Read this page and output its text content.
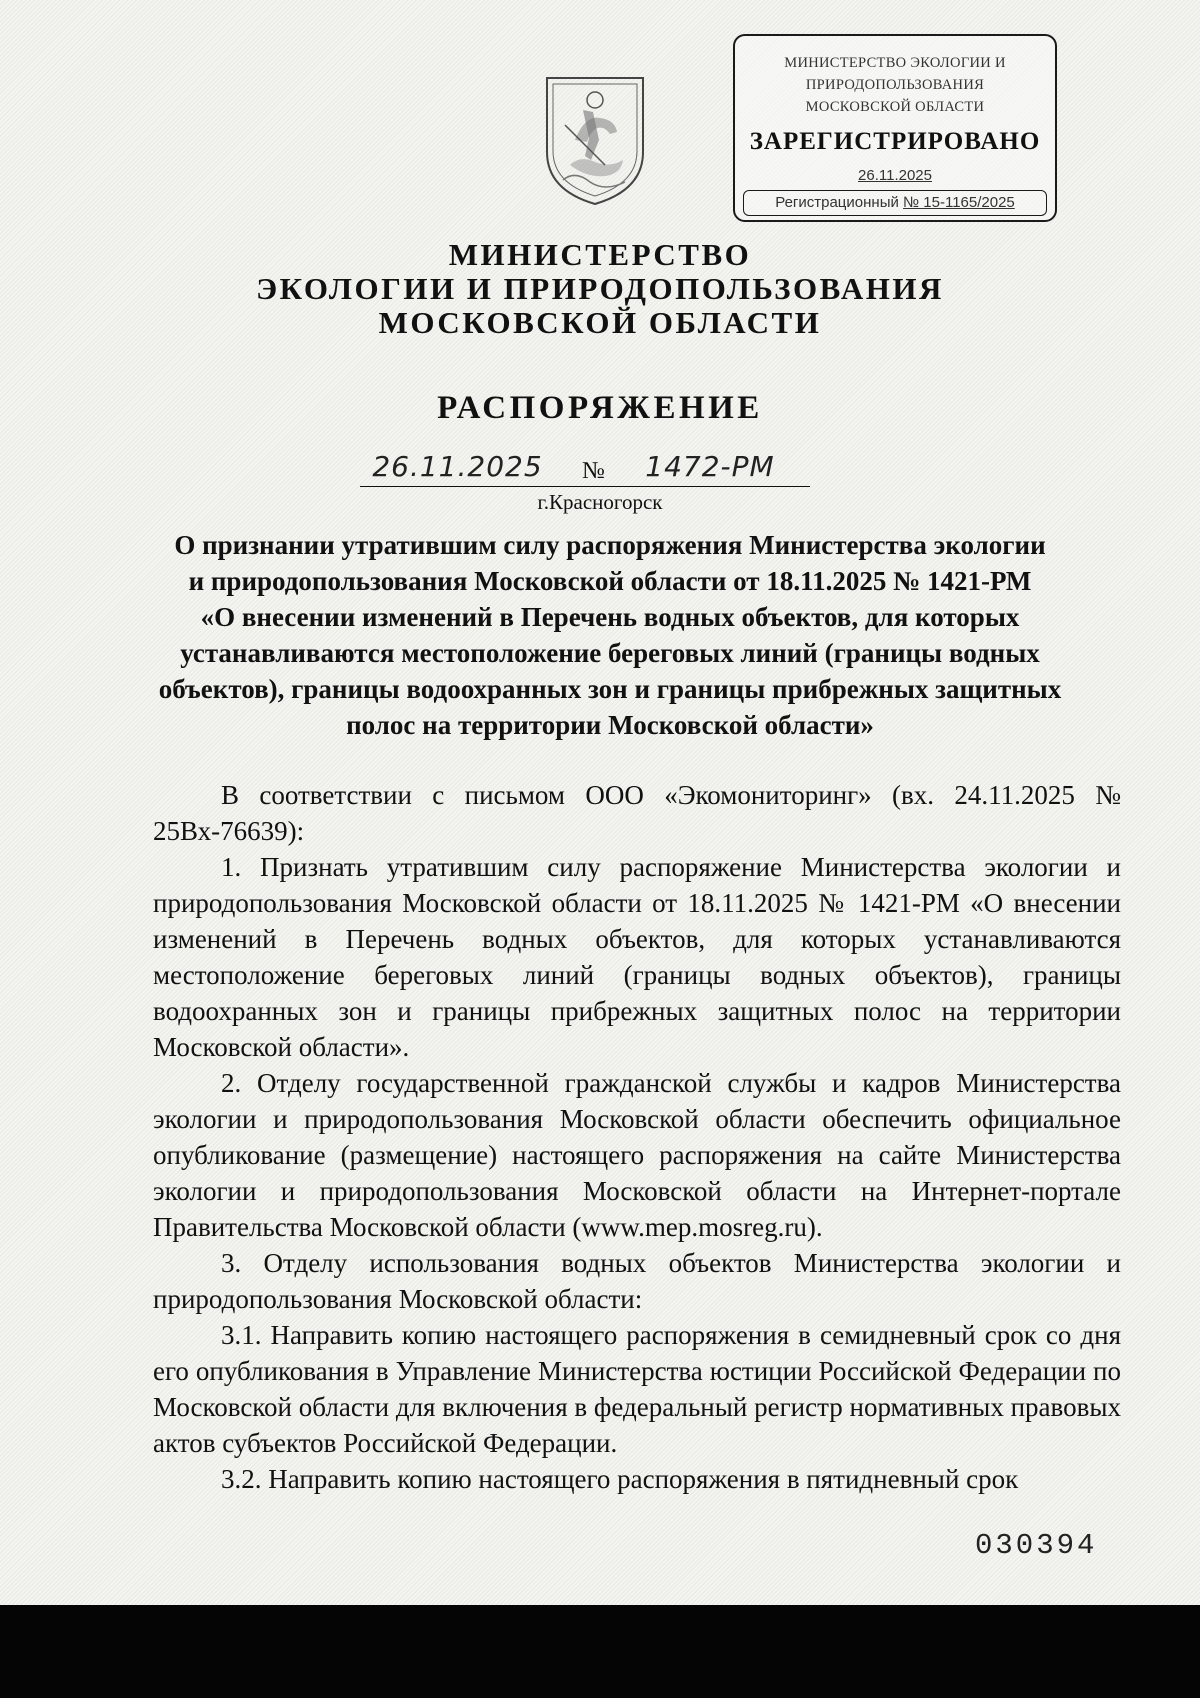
МИНИСТЕРСТВО ЭКОЛОГИИ И
ПРИРОДОПОЛЬЗОВАНИЯ
МОСКОВСКОЙ ОБЛАСТИ
ЗАРЕГИСТРИРОВАНО
26.11.2025
Регистрационный № 15-1165/2025
МИНИСТЕРСТВО
ЭКОЛОГИИ И ПРИРОДОПОЛЬЗОВАНИЯ
МОСКОВСКОЙ ОБЛАСТИ
РАСПОРЯЖЕНИЕ
26.11.2025	№	1472-РМ
г.Красногорск
О признании утратившим силу распоряжения Министерства экологии
и природопользования Московской области от 18.11.2025 № 1421-РМ
«О внесении изменений в Перечень водных объектов, для которых
устанавливаются местоположение береговых линий (границы водных
объектов), границы водоохранных зон и границы прибрежных защитных
полос на территории Московской области»

В соответствии с письмом ООО «Экомониторинг» (вх. 24.11.2025 № 25Вх-76639):

1. Признать утратившим силу распоряжение Министерства экологии и природопользования Московской области от 18.11.2025 № 1421-РМ «О внесении изменений в Перечень водных объектов, для которых устанавливаются местоположение береговых линий (границы водных объектов), границы водоохранных зон и границы прибрежных защитных полос на территории Московской области».

2. Отделу государственной гражданской службы и кадров Министерства экологии и природопользования Московской области обеспечить официальное опубликование (размещение) настоящего распоряжения на сайте Министерства экологии и природопользования Московской области на Интернет-портале Правительства Московской области (www.mep.mosreg.ru).

3. Отделу использования водных объектов Министерства экологии и природопользования Московской области:

3.1. Направить копию настоящего распоряжения в семидневный срок со дня его опубликования в Управление Министерства юстиции Российской Федерации по Московской области для включения в федеральный регистр нормативных правовых актов субъектов Российской Федерации.

3.2. Направить копию настоящего распоряжения в пятидневный срок

030394
